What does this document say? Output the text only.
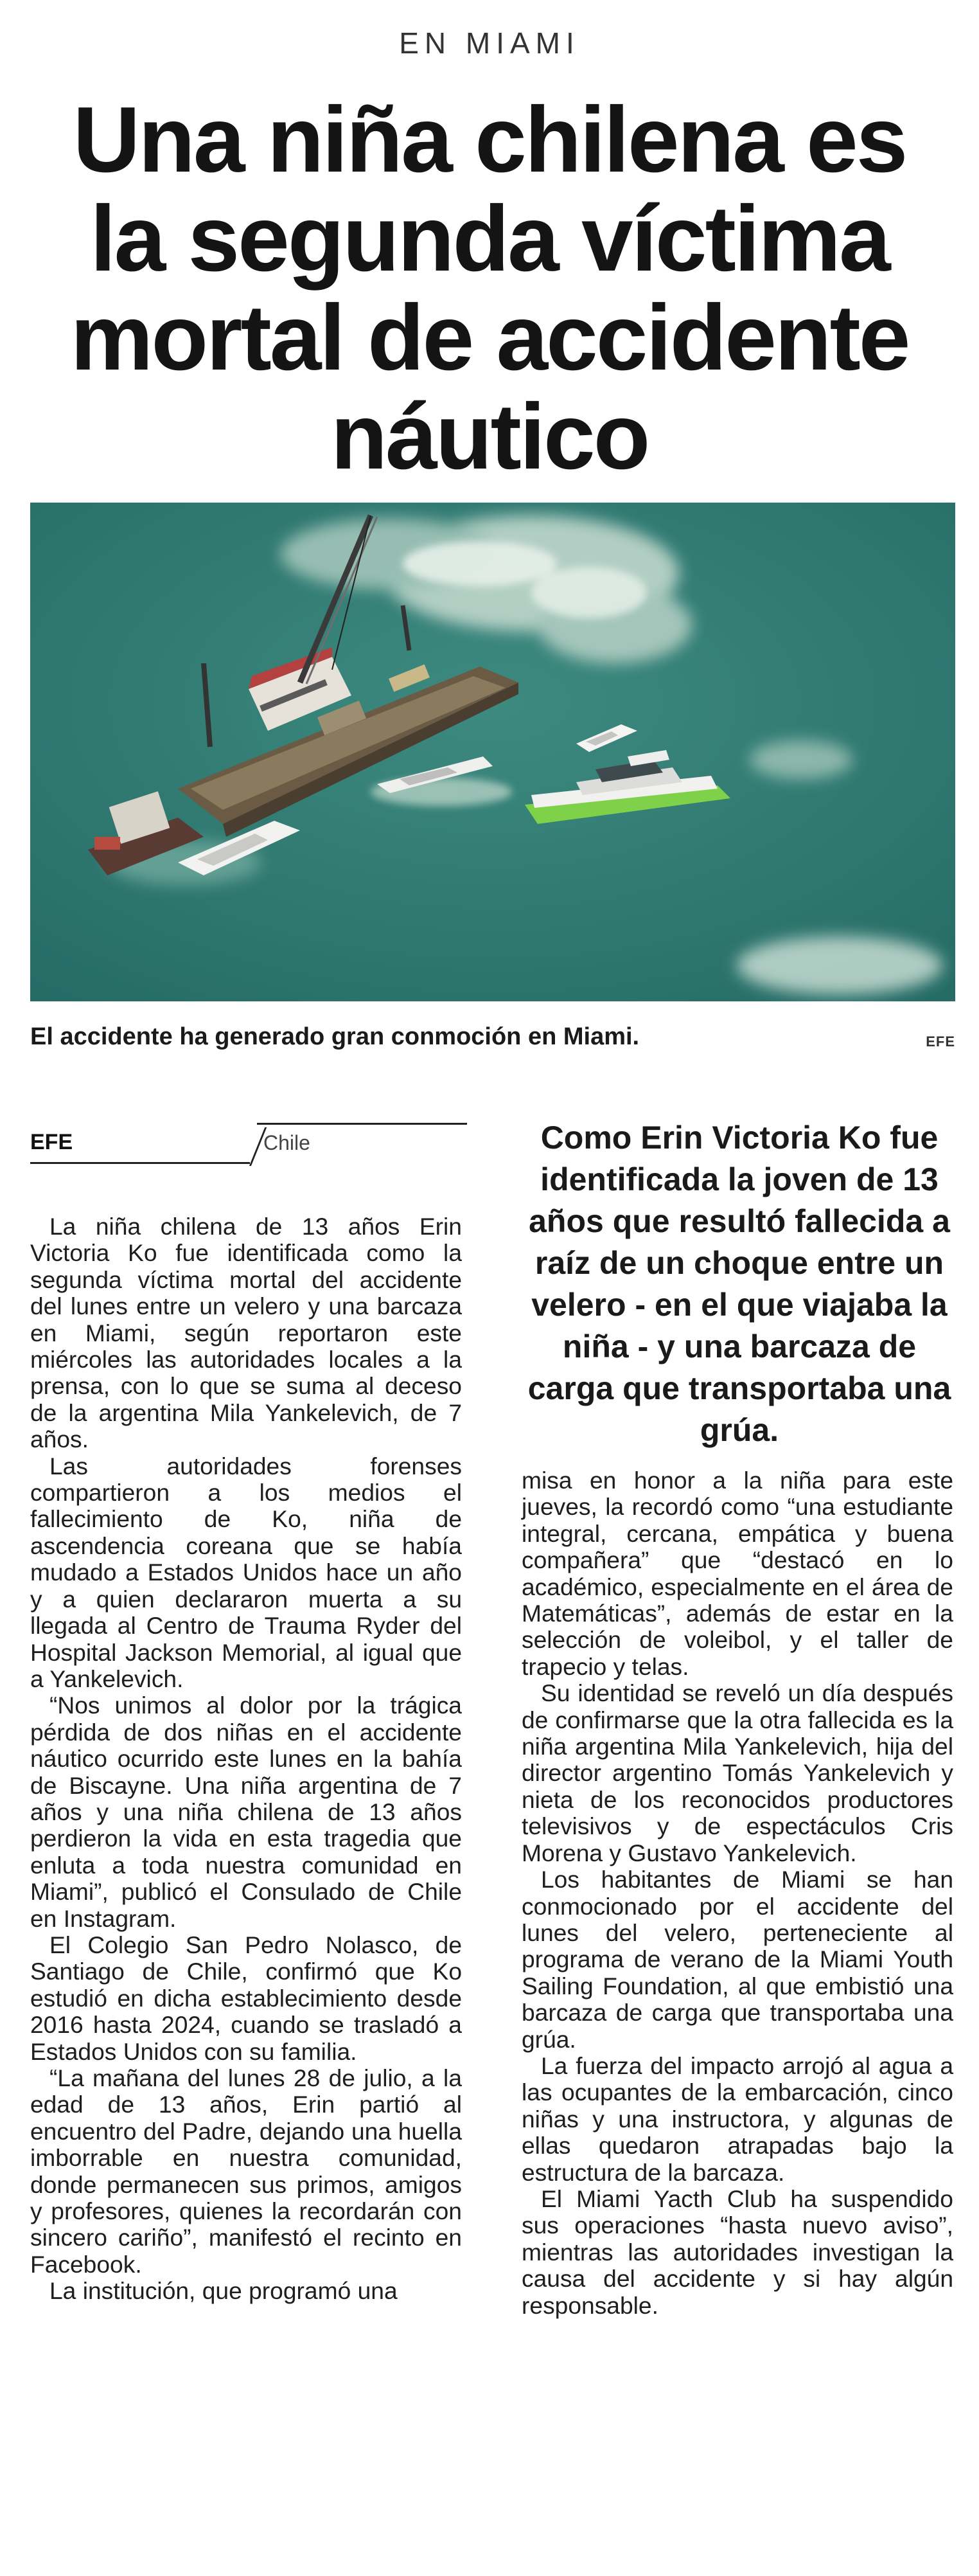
EN MIAMI
Una niña chilena es la segunda víctima mortal de accidente náutico
El accidente ha generado gran conmoción en Miami.	EFE
EFE	Chile	Como Erin Victoria Ko fue identificada la joven de 13 años que resultó fallecida a raíz de un choque entre un velero - en el que viajaba la niña - y una barcaza de carga que transportaba una grúa.

La niña chilena de 13 años Erin Victoria Ko fue identificada como la segunda víctima mortal del accidente del lunes entre un velero y una barcaza en Miami, según reportaron este miércoles las autoridades locales a la prensa, con lo que se suma al deceso de la argentina Mila Yankelevich, de 7 años.

Las autoridades forenses compartieron a los medios el fallecimiento de Ko, niña de ascendencia coreana que se había mudado a Estados Unidos hace un año y a quien declararon muerta a su llegada al Centro de Trauma Ryder del Hospital Jackson Memorial, al igual que a Yankelevich.

“Nos unimos al dolor por la trágica pérdida de dos niñas en el accidente náutico ocurrido este lunes en la bahía de Biscayne. Una niña argentina de 7 años y una niña chilena de 13 años perdieron la vida en esta tragedia que enluta a toda nuestra comunidad en Miami”, publicó el Consulado de Chile en Instagram.

El Colegio San Pedro Nolasco, de Santiago de Chile, confirmó que Ko estudió en dicha establecimiento desde 2016 hasta 2024, cuando se trasladó a Estados Unidos con su familia.

“La mañana del lunes 28 de julio, a la edad de 13 años, Erin partió al encuentro del Padre, dejando una huella imborrable en nuestra comunidad, donde permanecen sus primos, amigos y profesores, quienes la recordarán con sincero cariño”, manifestó el recinto en Facebook.

La institución, que programó una

misa en honor a la niña para este jueves, la recordó como “una estudiante integral, cercana, empática y buena compañera” que “destacó en lo académico, especialmente en el área de Matemáticas”, además de estar en la selección de voleibol, y el taller de trapecio y telas.

Su identidad se reveló un día después de confirmarse que la otra fallecida es la niña argentina Mila Yankelevich, hija del director argentino Tomás Yankelevich y nieta de los reconocidos productores televisivos y de espectáculos Cris Morena y Gustavo Yankelevich.

Los habitantes de Miami se han conmocionado por el accidente del lunes del velero, perteneciente al programa de verano de la Miami Youth Sailing Foundation, al que embistió una barcaza de carga que transportaba una grúa.

La fuerza del impacto arrojó al agua a las ocupantes de la embarcación, cinco niñas y una instructora, y algunas de ellas quedaron atrapadas bajo la estructura de la barcaza.

El Miami Yacth Club ha suspendido sus operaciones “hasta nuevo aviso”, mientras las autoridades investigan la causa del accidente y si hay algún responsable.
